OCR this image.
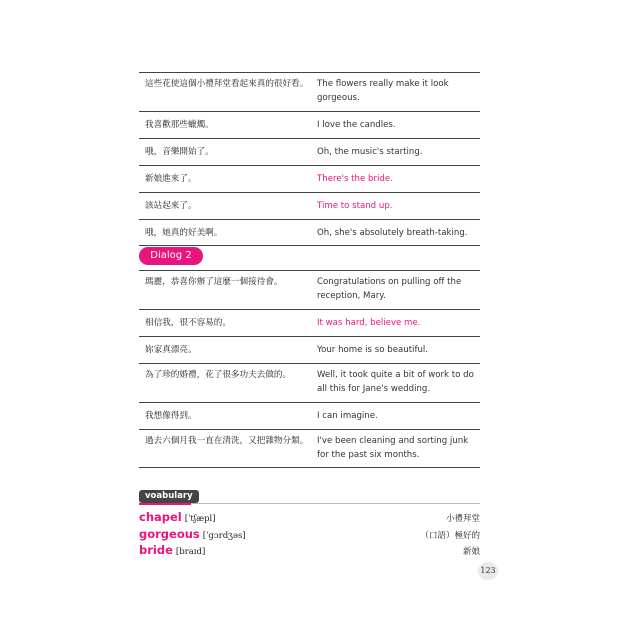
這些花使這個小禮拜堂看起來真的很好看。	The flowers really make it look gorgeous.
我喜歡那些蠟燭。	I love the candles.
哦，音樂開始了。	Oh, the music's starting.
新娘進來了。	There's the bride.
該站起來了。	Time to stand up.
哦，她真的好美啊。	Oh, she's absolutely breath-taking.
Dialog 2
瑪麗，恭喜你辦了這麼一個接待會。	Congratulations on pulling off the reception, Mary.
相信我，很不容易的。	It was hard, believe me.
妳家真漂亮。	Your home is so beautiful.
為了珍的婚禮，花了很多功夫去做的。	Well, it took quite a bit of work to do all this for Jane's wedding.
我想像得到。	I can imagine.
過去六個月我一直在清洗，又把雜物分類。	I've been cleaning and sorting junk for the past six months.
voabulary
chapel [ˈtʃæpl]	小禮拜堂
gorgeous [ˈgɔrdʒəs]	（口語）極好的
bride [braɪd]	新娘
123
